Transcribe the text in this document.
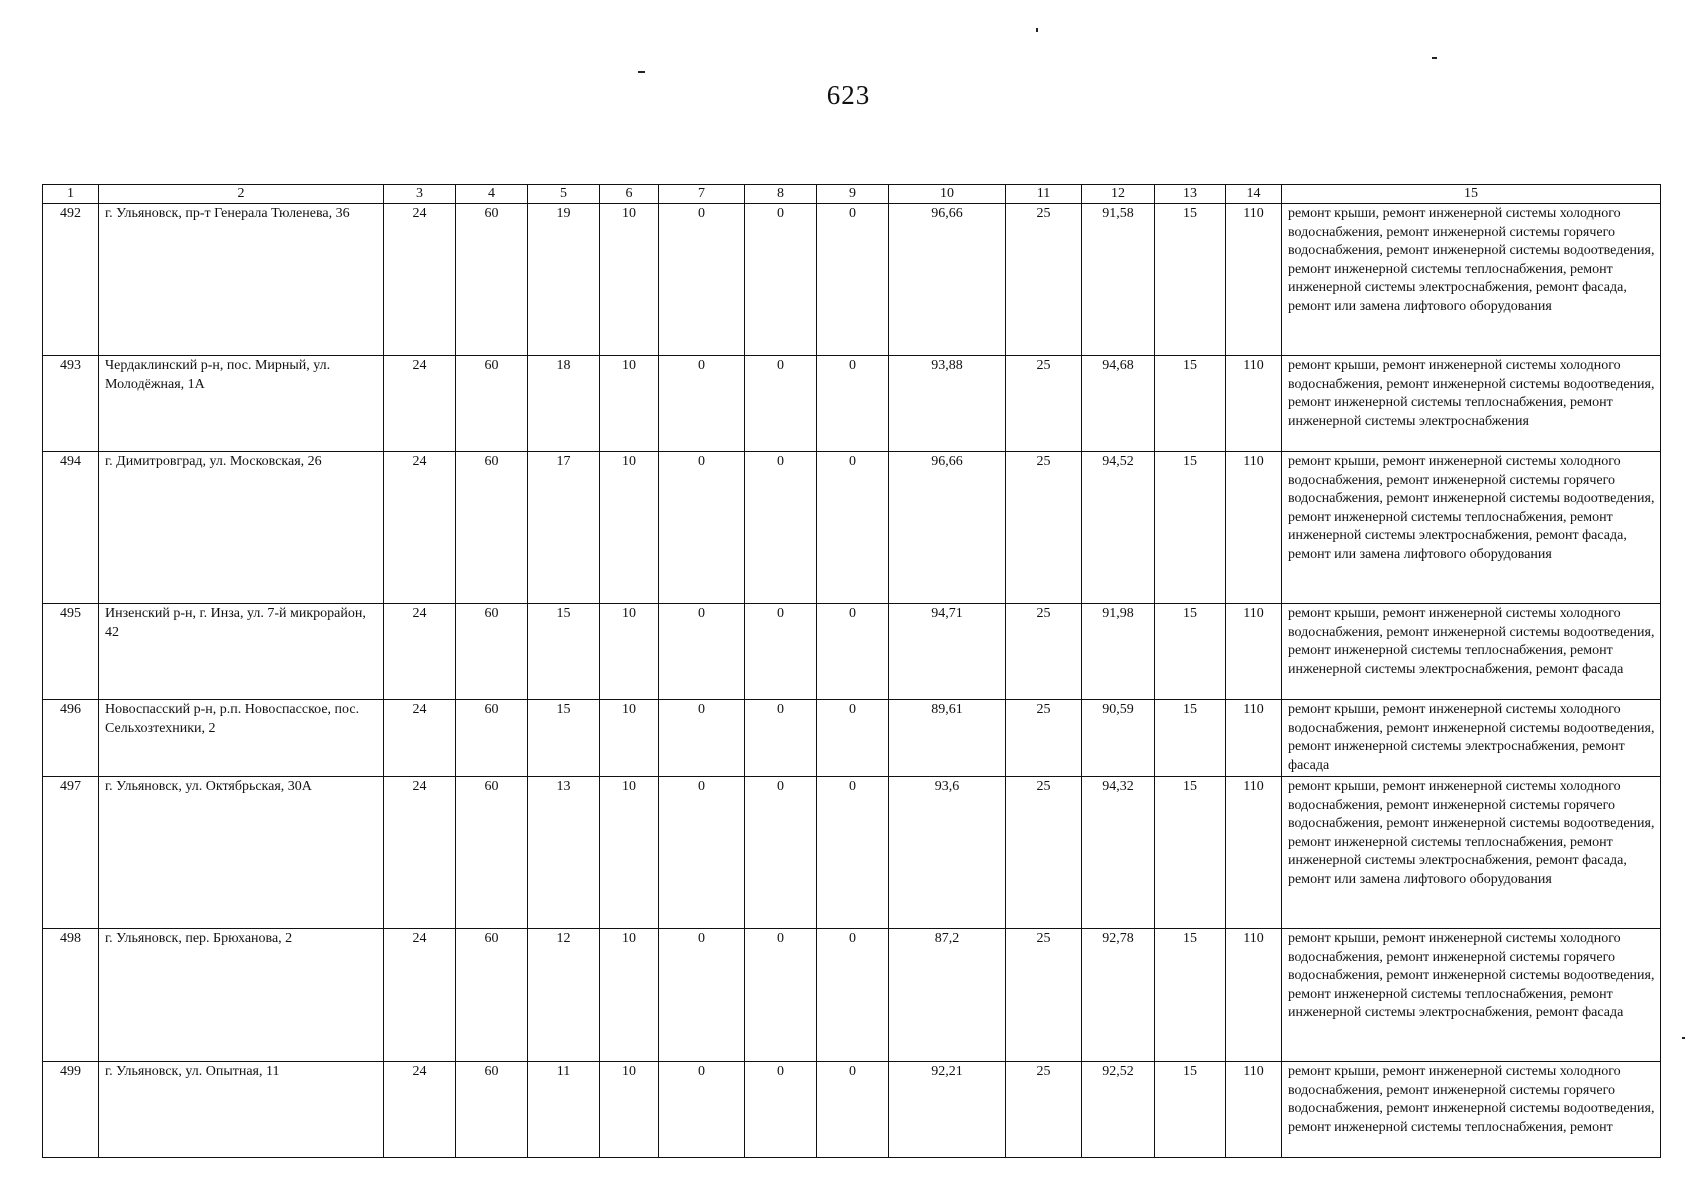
623
1	2	3	4	5	6	7	8	9	10	11	12	13	14	15
492	г. Ульяновск, пр-т Генерала Тюленева, 36	24	60	19	10	0	0	0	96,66	25	91,58	15	110	ремонт крыши, ремонт инженерной системы холодного водоснабжения, ремонт инженерной системы горячего водоснабжения, ремонт инженерной системы водоотведения, ремонт инженерной системы теплоснабжения, ремонт инженерной системы электроснабжения, ремонт фасада, ремонт или замена лифтового оборудования
493	Чердаклинский р-н, пос. Мирный, ул. Молодёжная, 1А	24	60	18	10	0	0	0	93,88	25	94,68	15	110	ремонт крыши, ремонт инженерной системы холодного водоснабжения, ремонт инженерной системы водоотведения, ремонт инженерной системы теплоснабжения, ремонт инженерной системы электроснабжения
494	г. Димитровград, ул. Московская, 26	24	60	17	10	0	0	0	96,66	25	94,52	15	110	ремонт крыши, ремонт инженерной системы холодного водоснабжения, ремонт инженерной системы горячего водоснабжения, ремонт инженерной системы водоотведения, ремонт инженерной системы теплоснабжения, ремонт инженерной системы электроснабжения, ремонт фасада, ремонт или замена лифтового оборудования
495	Инзенский р-н, г. Инза, ул. 7-й микрорайон, 42	24	60	15	10	0	0	0	94,71	25	91,98	15	110	ремонт крыши, ремонт инженерной системы холодного водоснабжения, ремонт инженерной системы водоотведения, ремонт инженерной системы теплоснабжения, ремонт инженерной системы электроснабжения, ремонт фасада
496	Новоспасский р-н, р.п. Новоспасское, пос. Сельхозтехники, 2	24	60	15	10	0	0	0	89,61	25	90,59	15	110	ремонт крыши, ремонт инженерной системы холодного водоснабжения, ремонт инженерной системы водоотведения, ремонт инженерной системы электроснабжения, ремонт фасада
497	г. Ульяновск, ул. Октябрьская, 30А	24	60	13	10	0	0	0	93,6	25	94,32	15	110	ремонт крыши, ремонт инженерной системы холодного водоснабжения, ремонт инженерной системы горячего водоснабжения, ремонт инженерной системы водоотведения, ремонт инженерной системы теплоснабжения, ремонт инженерной системы электроснабжения, ремонт фасада, ремонт или замена лифтового оборудования
498	г. Ульяновск, пер. Брюханова, 2	24	60	12	10	0	0	0	87,2	25	92,78	15	110	ремонт крыши, ремонт инженерной системы холодного водоснабжения, ремонт инженерной системы горячего водоснабжения, ремонт инженерной системы водоотведения, ремонт инженерной системы теплоснабжения, ремонт инженерной системы электроснабжения, ремонт фасада
499	г. Ульяновск, ул. Опытная, 11	24	60	11	10	0	0	0	92,21	25	92,52	15	110	ремонт крыши, ремонт инженерной системы холодного водоснабжения, ремонт инженерной системы горячего водоснабжения, ремонт инженерной системы водоотведения, ремонт инженерной системы теплоснабжения, ремонт
